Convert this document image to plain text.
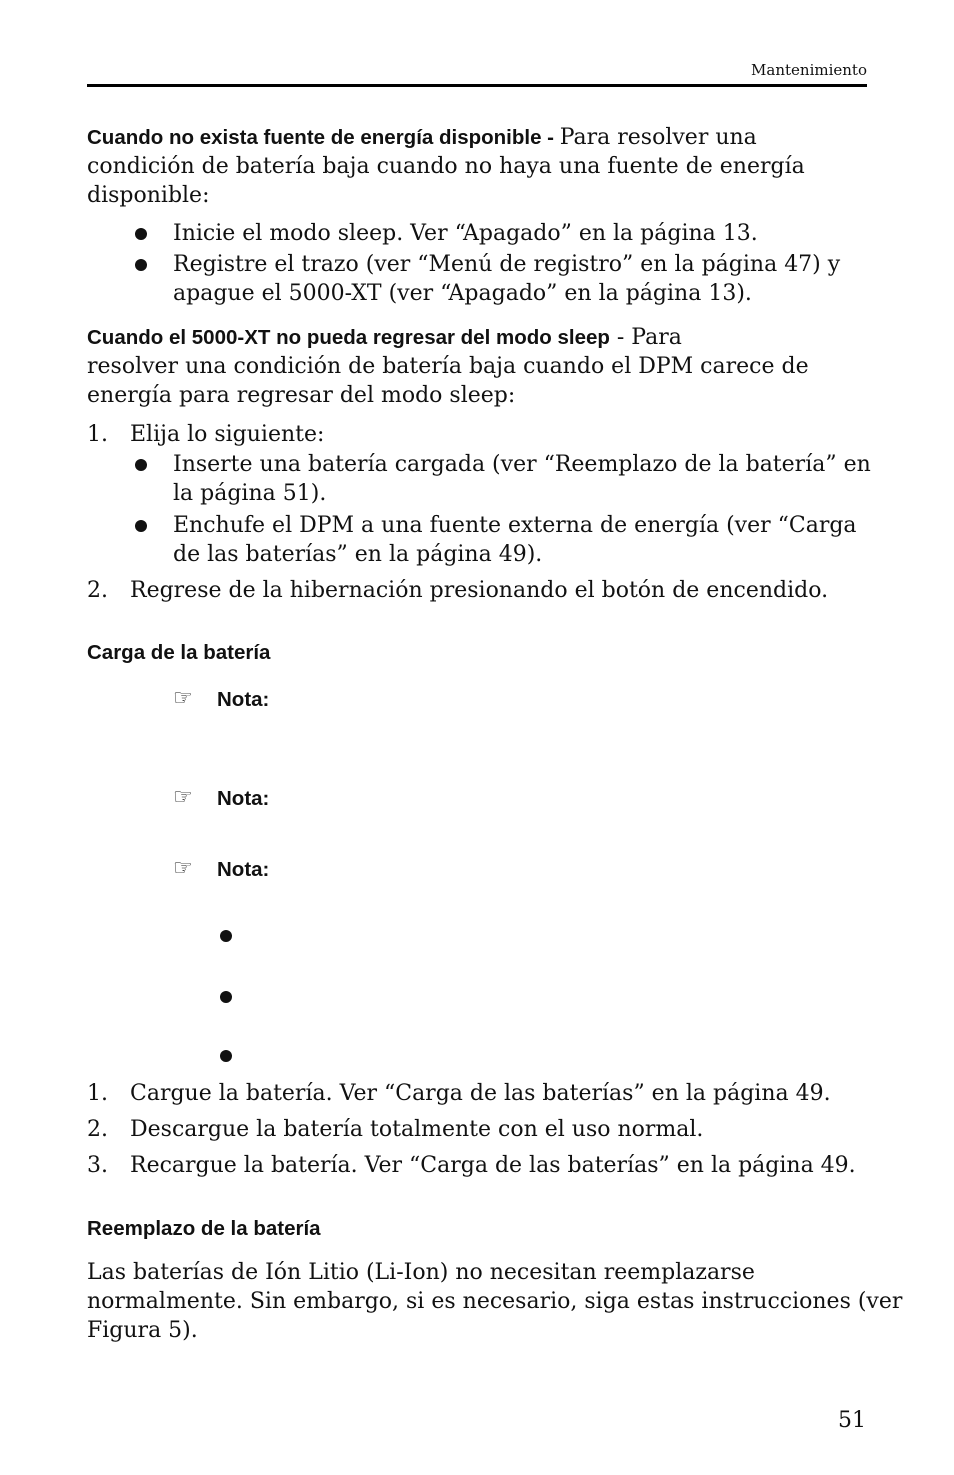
Mantenimiento
Cuando no exista fuente de energía disponible - Para resolver una
condición de batería baja cuando no haya una fuente de energía
disponible:
Inicie el modo sleep. Ver “Apagado” en la página 13.
Registre el trazo (ver “Menú de registro” en la página 47) y
apague el 5000-XT (ver “Apagado” en la página 13).
Cuando el 5000-XT no pueda regresar del modo sleep - Para
resolver una condición de batería baja cuando el DPM carece de
energía para regresar del modo sleep:
1. Elija lo siguiente:
Inserte una batería cargada (ver “Reemplazo de la batería” en
la página 51).
Enchufe el DPM a una fuente externa de energía (ver “Carga
de las baterías” en la página 49).
2. Regrese de la hibernación presionando el botón de encendido.
Carga de la batería
☞ Nota:
☞ Nota:
☞ Nota:
1. Cargue la batería. Ver “Carga de las baterías” en la página 49.
2. Descargue la batería totalmente con el uso normal.
3. Recargue la batería. Ver “Carga de las baterías” en la página 49.
Reemplazo de la batería
Las baterías de Ión Litio (Li-Ion) no necesitan reemplazarse
normalmente. Sin embargo, si es necesario, siga estas instrucciones (ver
Figura 5).
51
